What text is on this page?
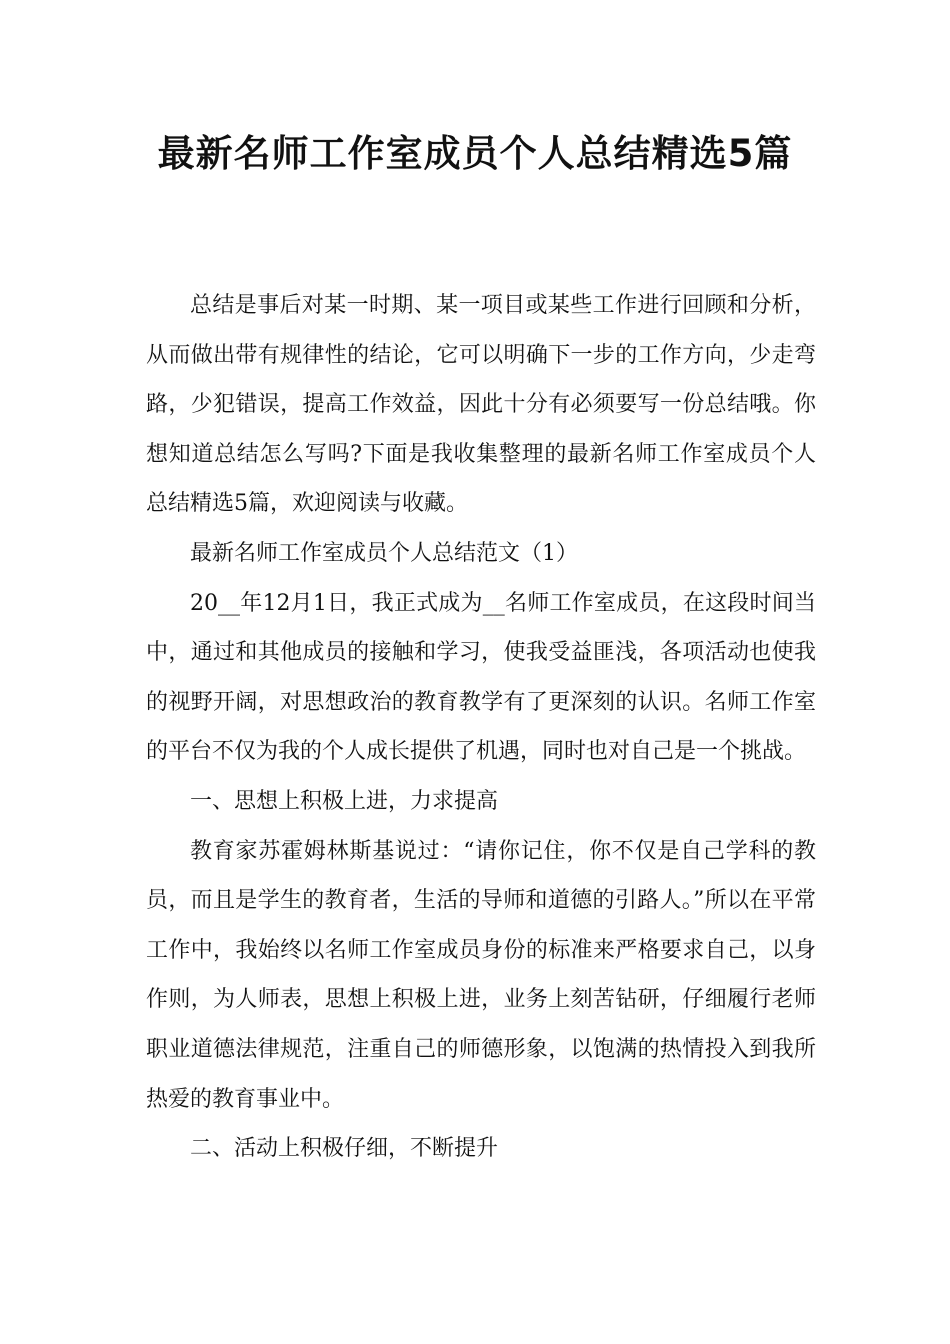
最新名师工作室成员个人总结精选5篇

总结是事后对某一时期、某一项目或某些工作进行回顾和分析，从而做出带有规律性的结论，它可以明确下一步的工作方向，少走弯路，少犯错误，提高工作效益，因此十分有必须要写一份总结哦。你想知道总结怎么写吗?下面是我收集整理的最新名师工作室成员个人总结精选5篇，欢迎阅读与收藏。

最新名师工作室成员个人总结范文（1）

20__年12月1日，我正式成为__名师工作室成员，在这段时间当中，通过和其他成员的接触和学习，使我受益匪浅，各项活动也使我的视野开阔，对思想政治的教育教学有了更深刻的认识。名师工作室的平台不仅为我的个人成长提供了机遇，同时也对自己是一个挑战。

一、思想上积极上进，力求提高

教育家苏霍姆林斯基说过：“请你记住，你不仅是自己学科的教员，而且是学生的教育者，生活的导师和道德的引路人。”所以在平常工作中，我始终以名师工作室成员身份的标准来严格要求自己，以身作则，为人师表，思想上积极上进，业务上刻苦钻研，仔细履行老师职业道德法律规范，注重自己的师德形象，以饱满的热情投入到我所热爱的教育事业中。

二、活动上积极仔细，不断提升
